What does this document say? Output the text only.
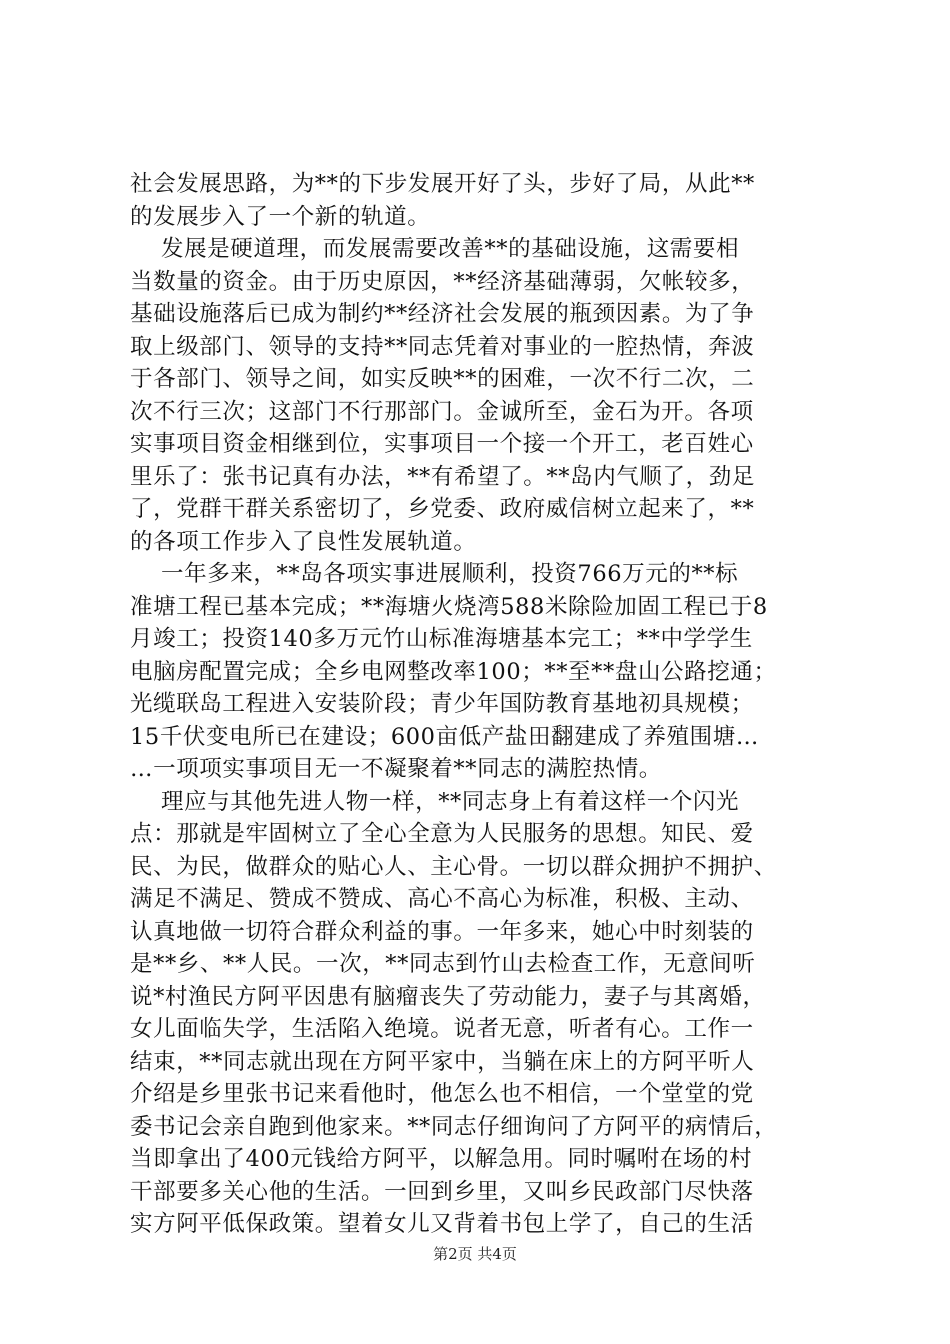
社会发展思路，为**的下步发展开好了头，步好了局，从此**
的发展步入了一个新的轨道。
发展是硬道理，而发展需要改善**的基础设施，这需要相
当数量的资金。由于历史原因，**经济基础薄弱，欠帐较多，
基础设施落后已成为制约**经济社会发展的瓶颈因素。为了争
取上级部门、领导的支持**同志凭着对事业的一腔热情，奔波
于各部门、领导之间，如实反映**的困难，一次不行二次，二
次不行三次；这部门不行那部门。金诚所至，金石为开。各项
实事项目资金相继到位，实事项目一个接一个开工，老百姓心
里乐了：张书记真有办法，**有希望了。**岛内气顺了，劲足
了，党群干群关系密切了，乡党委、政府威信树立起来了，**
的各项工作步入了良性发展轨道。
一年多来，**岛各项实事进展顺利，投资766万元的**标
准塘工程已基本完成；**海塘火烧湾588米除险加固工程已于8
月竣工；投资140多万元竹山标准海塘基本完工；**中学学生
电脑房配置完成；全乡电网整改率100；**至**盘山公路挖通；
光缆联岛工程进入安装阶段；青少年国防教育基地初具规模；
15千伏变电所已在建设；600亩低产盐田翻建成了养殖围塘…
…一项项实事项目无一不凝聚着**同志的满腔热情。
理应与其他先进人物一样，**同志身上有着这样一个闪光
点：那就是牢固树立了全心全意为人民服务的思想。知民、爱
民、为民，做群众的贴心人、主心骨。一切以群众拥护不拥护、
满足不满足、赞成不赞成、高心不高心为标准，积极、主动、
认真地做一切符合群众利益的事。一年多来，她心中时刻装的
是**乡、**人民。一次，**同志到竹山去检查工作，无意间听
说*村渔民方阿平因患有脑瘤丧失了劳动能力，妻子与其离婚，
女儿面临失学，生活陷入绝境。说者无意，听者有心。工作一
结束，**同志就出现在方阿平家中，当躺在床上的方阿平听人
介绍是乡里张书记来看他时，他怎么也不相信，一个堂堂的党
委书记会亲自跑到他家来。**同志仔细询问了方阿平的病情后，
当即拿出了400元钱给方阿平，以解急用。同时嘱咐在场的村
干部要多关心他的生活。一回到乡里，又叫乡民政部门尽快落
实方阿平低保政策。望着女儿又背着书包上学了，自己的生活
第2页 共4页
